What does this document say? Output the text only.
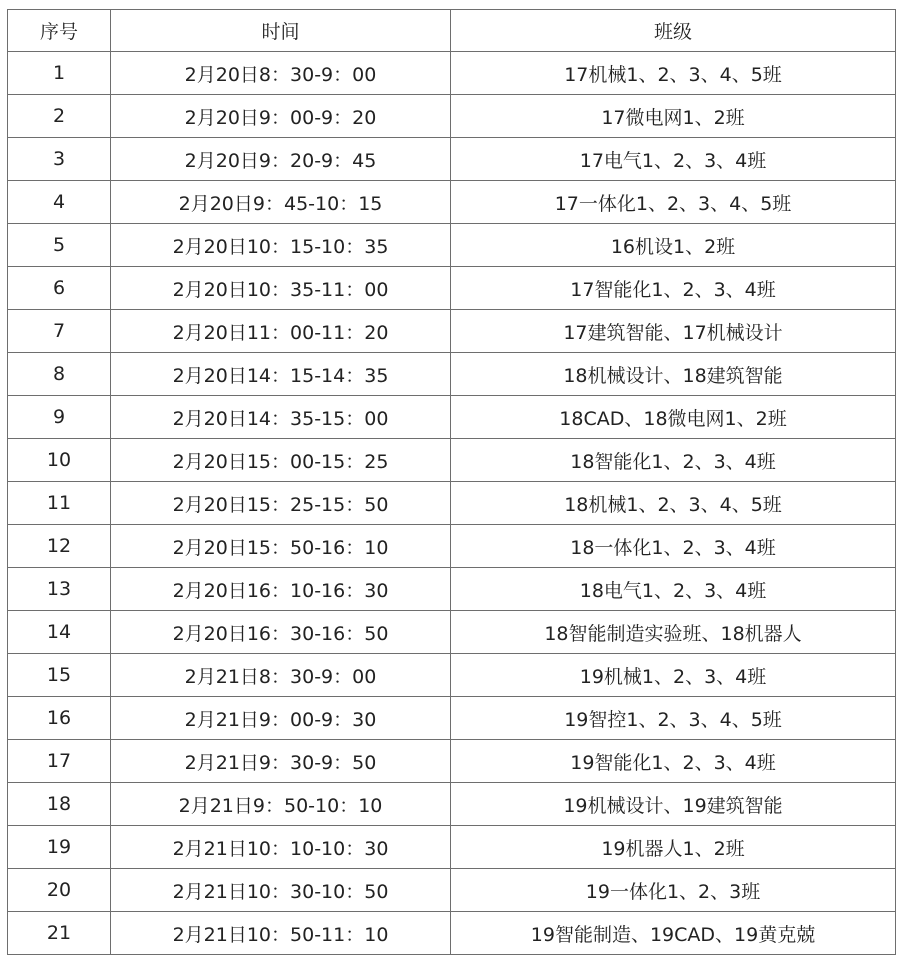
序号	时间	班级
1	2月20日8：30-9：00	17机械1、2、3、4、5班
2	2月20日9：00-9：20	17微电网1、2班
3	2月20日9：20-9：45	17电气1、2、3、4班
4	2月20日9：45-10：15	17一体化1、2、3、4、5班
5	2月20日10：15-10：35	16机设1、2班
6	2月20日10：35-11：00	17智能化1、2、3、4班
7	2月20日11：00-11：20	17建筑智能、17机械设计
8	2月20日14：15-14：35	18机械设计、18建筑智能
9	2月20日14：35-15：00	18CAD、18微电网1、2班
10	2月20日15：00-15：25	18智能化1、2、3、4班
11	2月20日15：25-15：50	18机械1、2、3、4、5班
12	2月20日15：50-16：10	18一体化1、2、3、4班
13	2月20日16：10-16：30	18电气1、2、3、4班
14	2月20日16：30-16：50	18智能制造实验班、18机器人
15	2月21日8：30-9：00	19机械1、2、3、4班
16	2月21日9：00-9：30	19智控1、2、3、4、5班
17	2月21日9：30-9：50	19智能化1、2、3、4班
18	2月21日9：50-10：10	19机械设计、19建筑智能
19	2月21日10：10-10：30	19机器人1、2班
20	2月21日10：30-10：50	19一体化1、2、3班
21	2月21日10：50-11：10	19智能制造、19CAD、19黄克兢
